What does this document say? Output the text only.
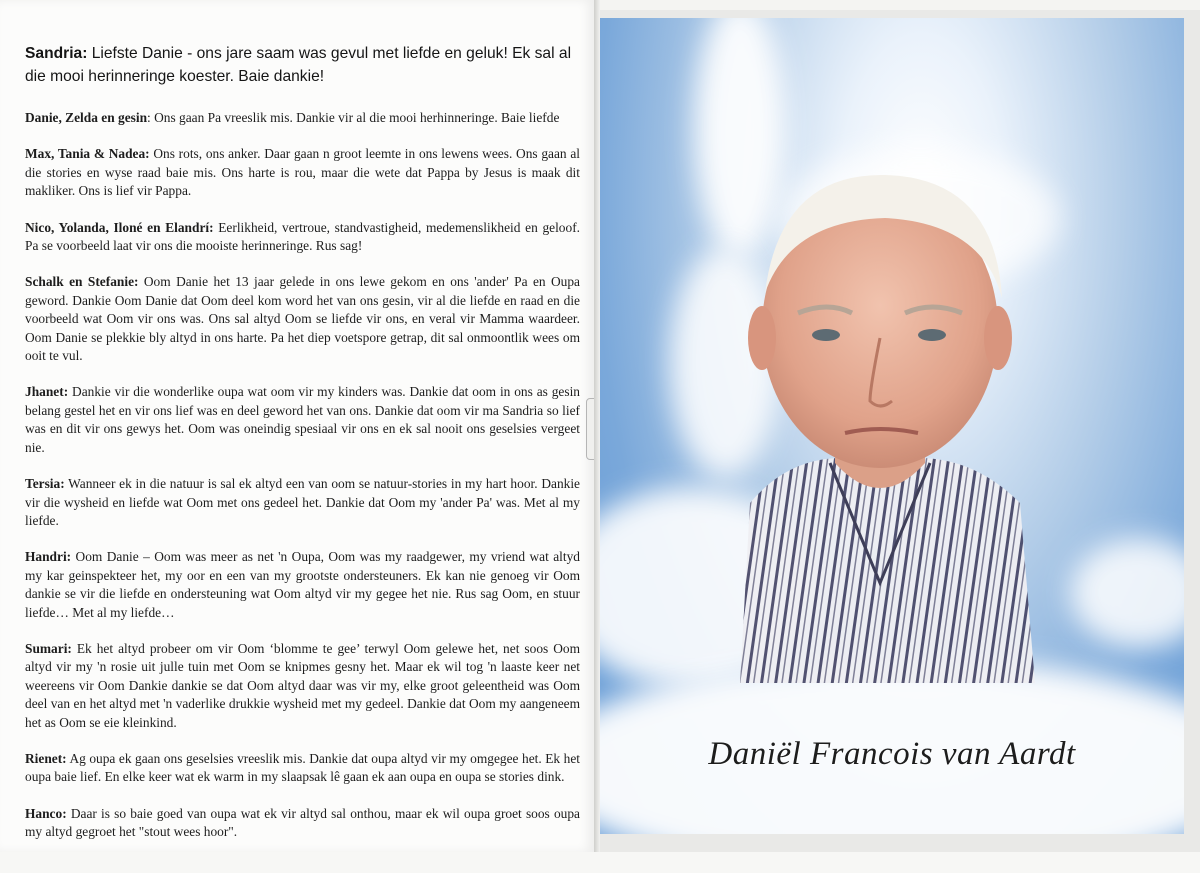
Sandria: Liefste Danie - ons jare saam was gevul met liefde en geluk! Ek sal al die mooi herinneringe koester. Baie dankie!

Danie, Zelda en gesin: Ons gaan Pa vreeslik mis. Dankie vir al die mooi herhinneringe. Baie liefde

Max, Tania & Nadea: Ons rots, ons anker. Daar gaan n groot leemte in ons lewens wees. Ons gaan al die stories en wyse raad baie mis. Ons harte is rou, maar die wete dat Pappa by Jesus is maak dit makliker. Ons is lief vir Pappa.

Nico, Yolanda, Iloné en Elandrí: Eerlikheid, vertroue, standvastigheid, medemenslikheid en geloof. Pa se voorbeeld laat vir ons die mooiste herinneringe. Rus sag!

Schalk en Stefanie: Oom Danie het 13 jaar gelede in ons lewe gekom en ons 'ander' Pa en Oupa geword. Dankie Oom Danie dat Oom deel kom word het van ons gesin, vir al die liefde en raad en die voorbeeld wat Oom vir ons was. Ons sal altyd Oom se liefde vir ons, en veral vir Mamma waardeer. Oom Danie se plekkie bly altyd in ons harte. Pa het diep voetspore getrap, dit sal onmoontlik wees om ooit te vul.

Jhanet: Dankie vir die wonderlike oupa wat oom vir my kinders was. Dankie dat oom in ons as gesin belang gestel het en vir ons lief was en deel geword het van ons. Dankie dat oom vir ma Sandria so lief was en dit vir ons gewys het. Oom was oneindig spesiaal vir ons en ek sal nooit ons geselsies vergeet nie.

Tersia: Wanneer ek in die natuur is sal ek altyd een van oom se natuur-stories in my hart hoor. Dankie vir die wysheid en liefde wat Oom met ons gedeel het. Dankie dat Oom my 'ander Pa' was. Met al my liefde.

Handri: Oom Danie – Oom was meer as net 'n Oupa, Oom was my raadgewer, my vriend wat altyd my kar geinspekteer het, my oor en een van my grootste ondersteuners. Ek kan nie genoeg vir Oom dankie se vir die liefde en ondersteuning wat Oom altyd vir my gegee het nie. Rus sag Oom, en stuur liefde… Met al my liefde…

Sumari: Ek het altyd probeer om vir Oom ‘blomme te gee’ terwyl Oom gelewe het, net soos Oom altyd vir my 'n rosie uit julle tuin met Oom se knipmes gesny het. Maar ek wil tog 'n laaste keer net weereens vir Oom Dankie dankie se dat Oom altyd daar was vir my, elke groot geleentheid was Oom deel van en het altyd met 'n vaderlike drukkie wysheid met my gedeel. Dankie dat Oom my aangeneem het as Oom se eie kleinkind.

Rienet: Ag oupa ek gaan ons geselsies vreeslik mis. Dankie dat oupa altyd vir my omgegee het. Ek het oupa baie lief. En elke keer wat ek warm in my slaapsak lê gaan ek aan oupa en oupa se stories dink.

Hanco: Daar is so baie goed van oupa wat ek vir altyd sal onthou, maar ek wil oupa groet soos oupa my altyd gegroet het "stout wees hoor".

Daniël Francois van Aardt
